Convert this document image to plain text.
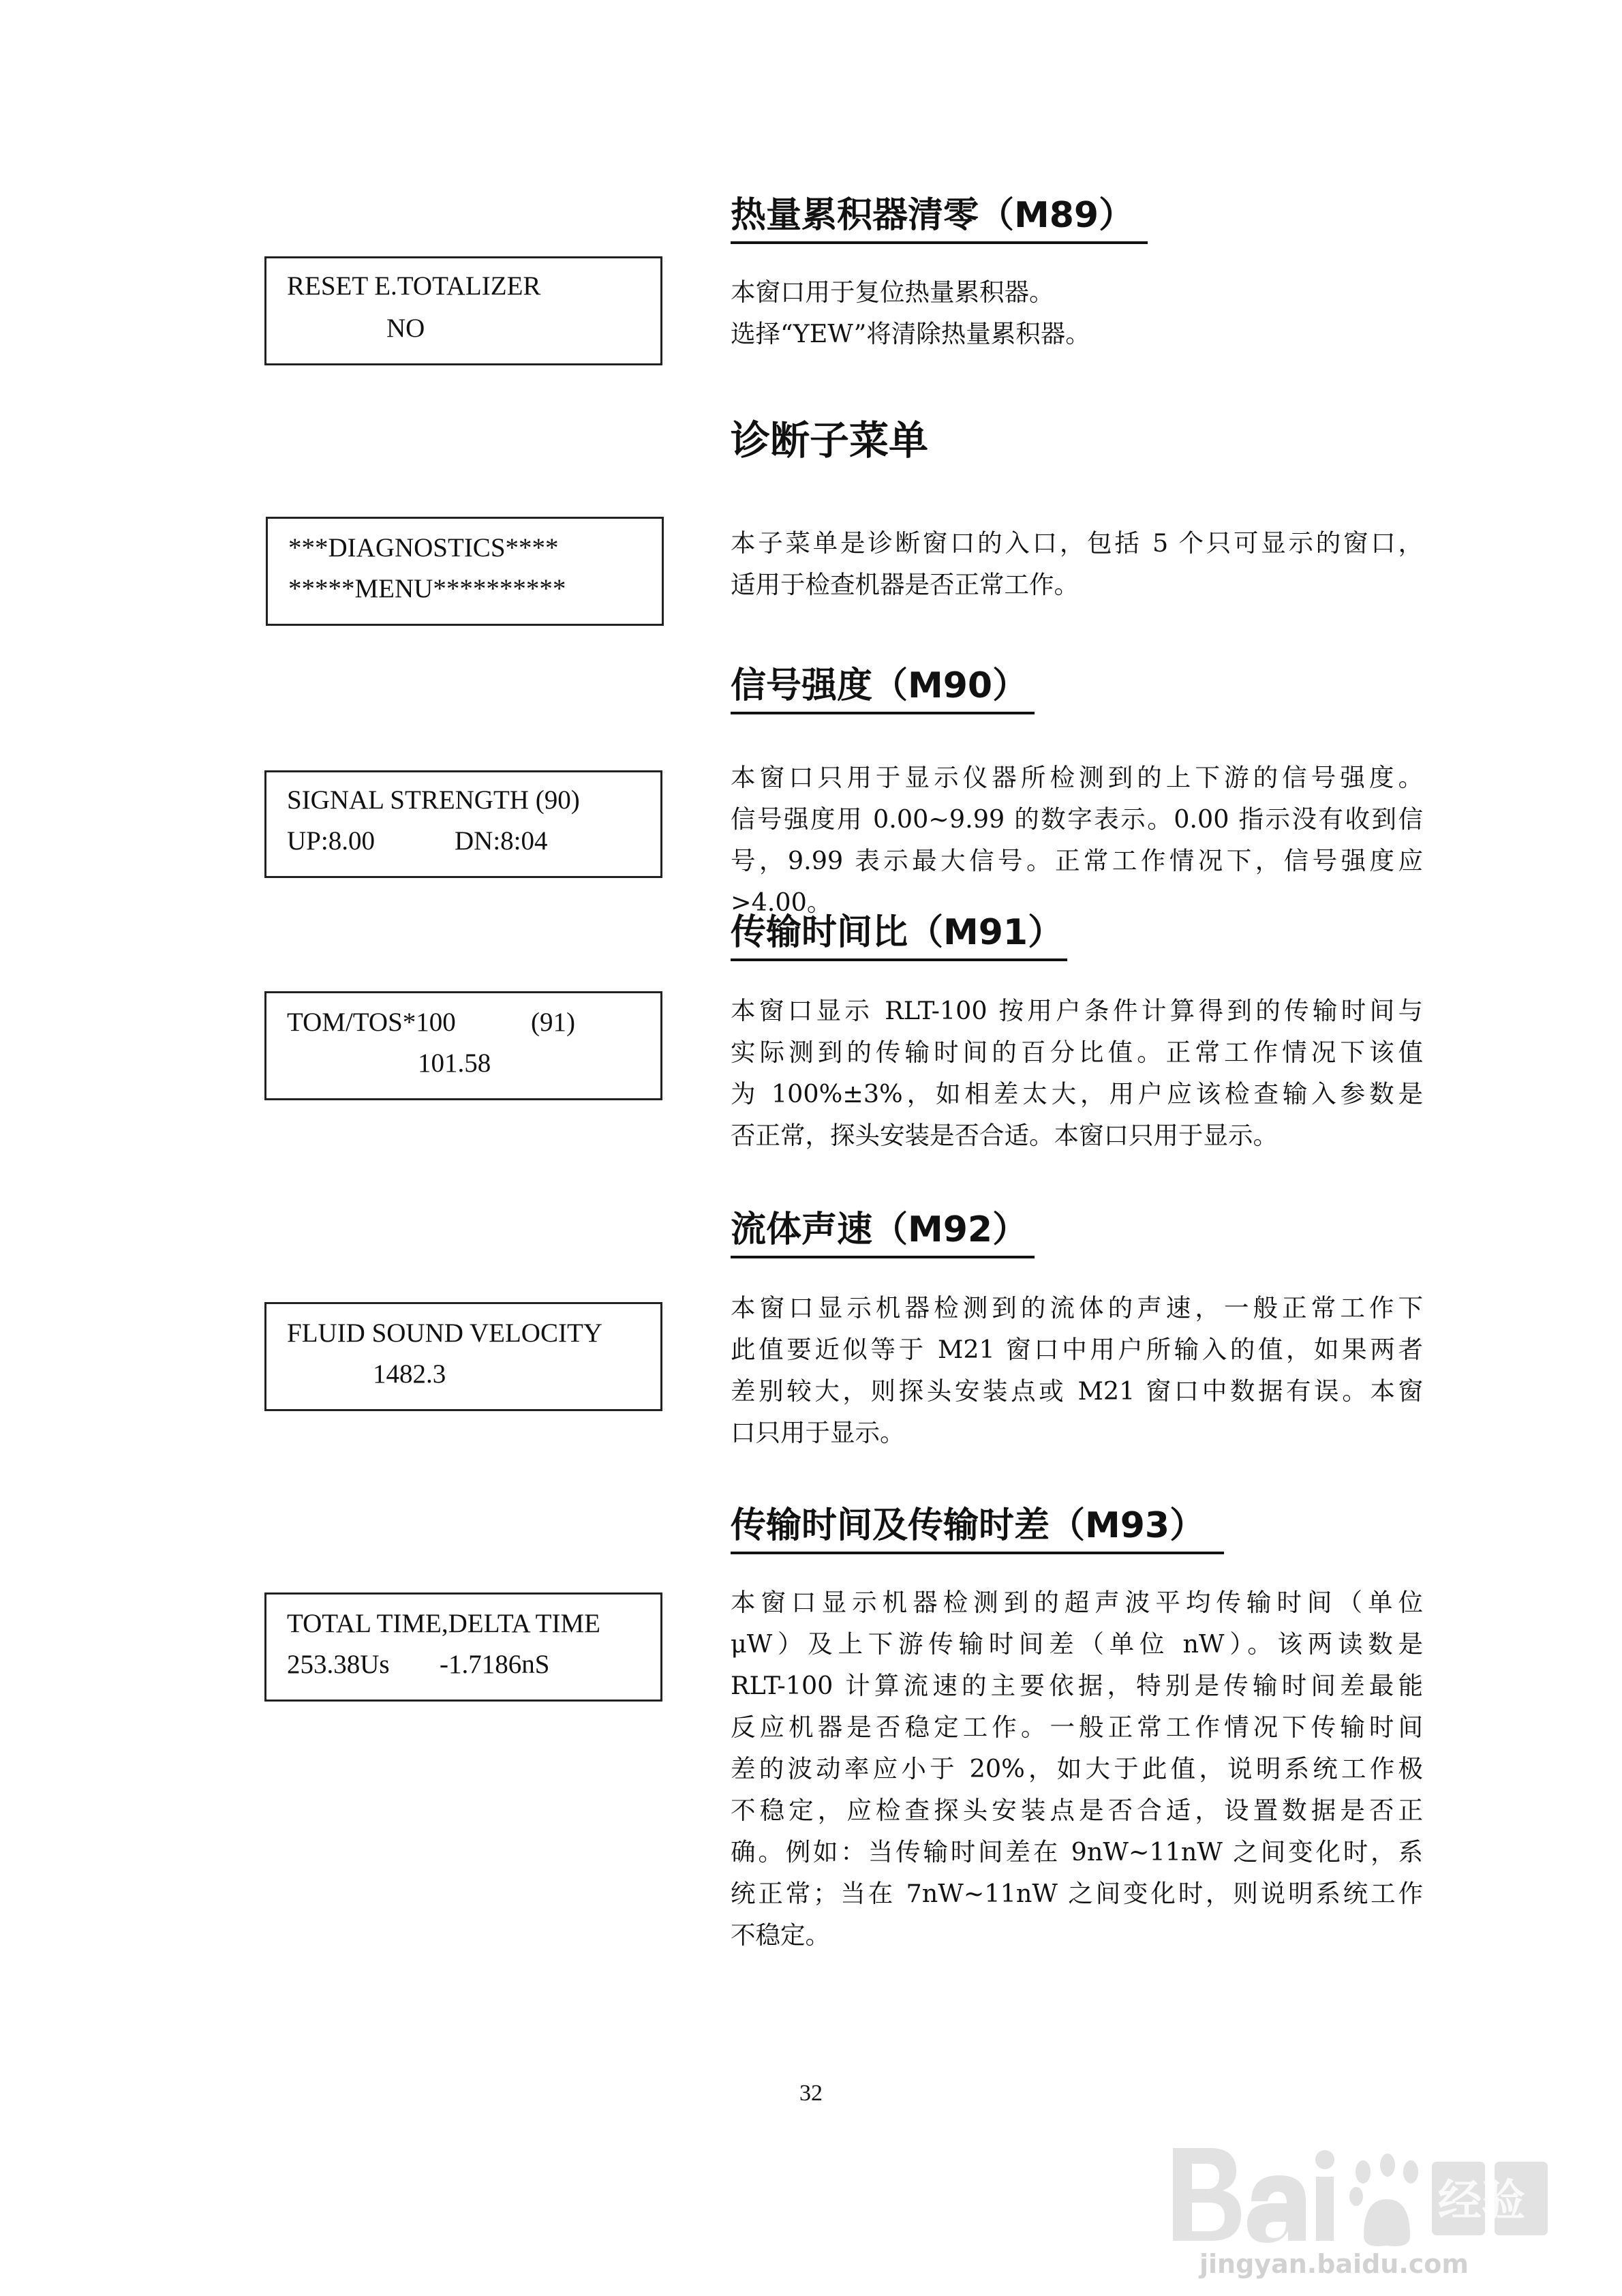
热量累积器清零（M89）
RESET E.TOTALIZER
NO
本窗口用于复位热量累积器。
选择“YEW”将清除热量累积器。
诊断子菜单
***DIAGNOSTICS****
*****MENU**********
本子菜单是诊断窗口的入口，包括 5 个只可显示的窗口，
适用于检查机器是否正常工作。
信号强度（M90）
SIGNAL STRENGTH (90)
UP:8.00	DN:8:04
本窗口只用于显示仪器所检测到的上下游的信号强度。
信号强度用 0.00~9.99 的数字表示。0.00 指示没有收到信
号，9.99 表示最大信号。正常工作情况下，信号强度应
>4.00。
传输时间比（M91）
TOM/TOS*100	(91)
101.58
本窗口显示 RLT-100 按用户条件计算得到的传输时间与
实际测到的传输时间的百分比值。正常工作情况下该值
为 100%±3%，如相差太大，用户应该检查输入参数是
否正常，探头安装是否合适。本窗口只用于显示。
流体声速（M92）
FLUID SOUND VELOCITY
1482.3
本窗口显示机器检测到的流体的声速，一般正常工作下
此值要近似等于 M21 窗口中用户所输入的值，如果两者
差别较大，则探头安装点或 M21 窗口中数据有误。本窗
口只用于显示。
传输时间及传输时差（M93）
TOTAL TIME,DELTA TIME
253.38Us -1.7186nS
本窗口显示机器检测到的超声波平均传输时间（单位
μW）及上下游传输时间差（单位 nW）。该两读数是
RLT-100 计算流速的主要依据，特别是传输时间差最能
反应机器是否稳定工作。一般正常工作情况下传输时间
差的波动率应小于 20%，如大于此值，说明系统工作极
不稳定，应检查探头安装点是否合适，设置数据是否正
确。例如：当传输时间差在 9nW~11nW 之间变化时，系
统正常；当在 7nW~11nW 之间变化时，则说明系统工作
不稳定。
32
经验
jingyan.baidu.com
